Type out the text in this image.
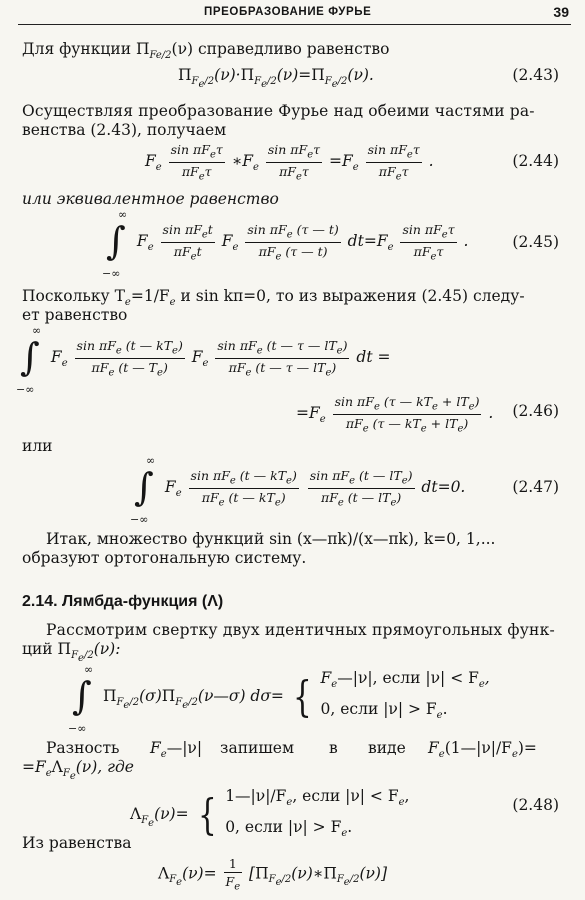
ПРЕОБРАЗОВАНИЕ ФУРЬЕ	39
Для функции $\Pi_{Fe/2}(\nu)$ справедливо равенство
$\Pi_{F_e/2}(\nu)\cdot\Pi_{F_e/2}(\nu)=\Pi_{F_e/2}(\nu)$.	(2.43)
Осуществляя преобразование Фурье над обеими частями ра-
венства (2.43), получаем
$F_e \frac{\sin \pi F_e\tau}{\pi F_e\tau}$ $∗F_e \frac{\sin \pi F_e\tau}{\pi F_e\tau} =F_e \frac{\sin \pi F_e\tau}{\pi F_e\tau}$ .	(2.44)
или эквивалентное равенство
∞
∫
−∞
$F_e \frac{\sin \pi F_et}{\pi F_et} F_e \frac{\sin \pi F_e (\tau — t)}{\pi F_e (\tau — t)} dt=F_e \frac{\sin \pi F_e\tau}{\pi F_e\tau}$ .	(2.45)
Поскольку $T_e=1/F_e$ и sin kπ=0, то из выражения (2.45) следу-
ет равенство
∞
∫
−∞
$F_e \frac{\sin \pi F_e (t — kT_e)}{\pi F_e (t — T_e)} F_e \frac{\sin \pi F_e (t — \tau — lT_e)}{\pi F_e (t — \tau — lT_e)}$ dt =
$=F_e \frac{\sin \pi F_e (\tau — kT_e + lT_e)}{\pi F_e (\tau — kT_e + lT_e)}$ . (2.46)
или
∞
∫
−∞
$F_e \frac{\sin \pi F_e (t — kT_e)}{\pi F_e (t — kT_e)}$
$\frac{\sin \pi F_e (t — lT_e)}{\pi F_e (t — lT_e)} dt=0$.	(2.47)
Итак, множество функций sin (x—πk)/(x—πk), k=0, 1,...
образуют ортогональную систему.
2.14. Лямбда-функция (Λ)
Рассмотрим свертку двух идентичных прямоугольных функ-
ций $\Pi_{F_e/2}(\nu)$:
∞
∫
−∞
$\Pi_{F_e/2}(\sigma)\Pi_{F_e/2}(\nu—\sigma)$ dσ= { $F_e—|\nu|$, если $|\nu| < F_e$,
0, если $|\nu| > F_e$.
Разность $F_e—|\nu|$ запишем в виде $F_e(1—|\nu|/F_e)=$
$=F_e\Lambda_{F_e}(\nu)$, где
$\Lambda_{F_e}(\nu)=$ { $1—|\nu|/F_e$, если $|\nu| < F_e$,
0, если $|\nu| > F_e$.
(2.48)
Из равенства
$\Lambda_{F_e}(\nu)= \frac{1}{F_e}$ $[\Pi_{F_e/2}(\nu)∗\Pi_{F_e/2}(\nu)]$
